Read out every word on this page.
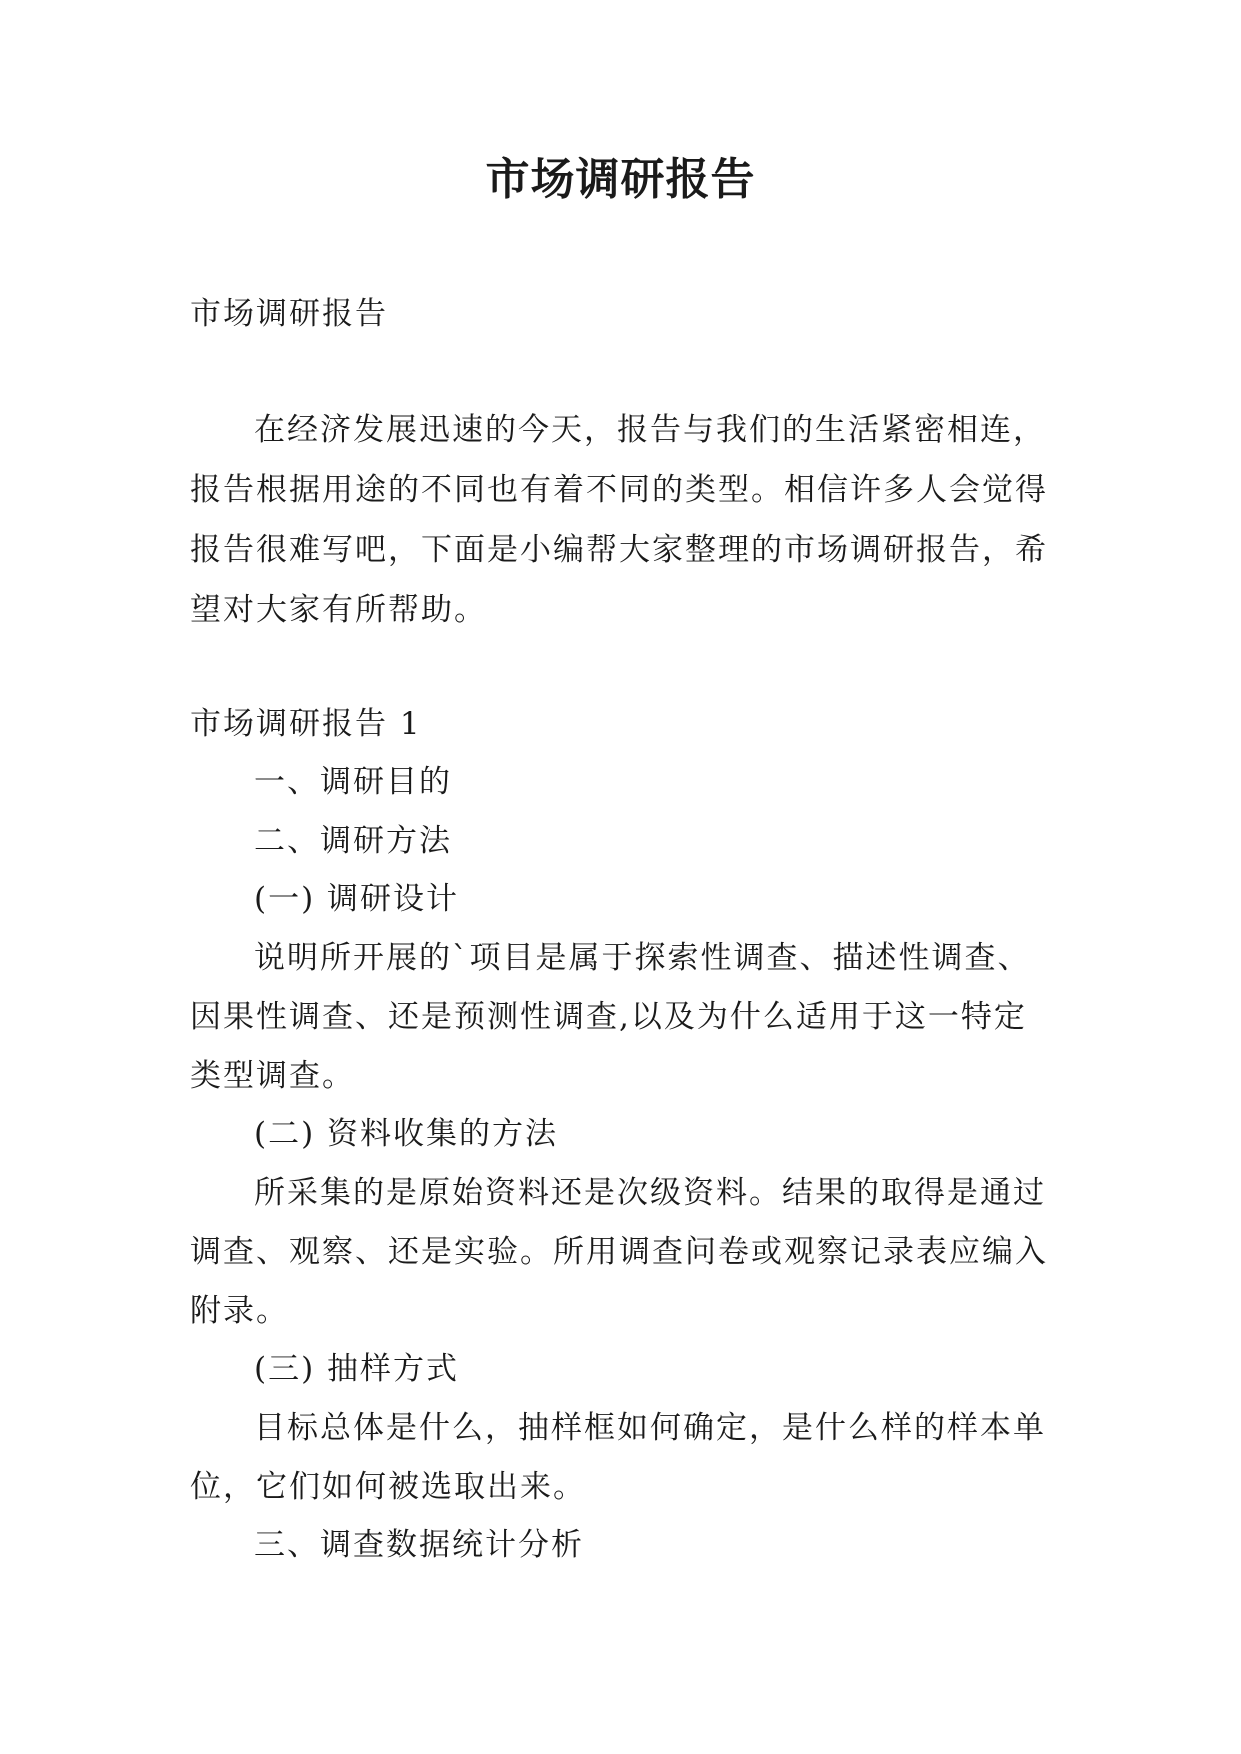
市场调研报告
市场调研报告
在经济发展迅速的今天，报告与我们的生活紧密相连，
报告根据用途的不同也有着不同的类型。相信许多人会觉得
报告很难写吧，下面是小编帮大家整理的市场调研报告，希
望对大家有所帮助。
市场调研报告 1
一、调研目的
二、调研方法
(一) 调研设计
说明所开展的`项目是属于探索性调查、描述性调查、
因果性调查、还是预测性调查,以及为什么适用于这一特定
类型调查。
(二) 资料收集的方法
所采集的是原始资料还是次级资料。结果的取得是通过
调查、观察、还是实验。所用调查问卷或观察记录表应编入
附录。
(三) 抽样方式
目标总体是什么，抽样框如何确定，是什么样的样本单
位，它们如何被选取出来。
三、调查数据统计分析
